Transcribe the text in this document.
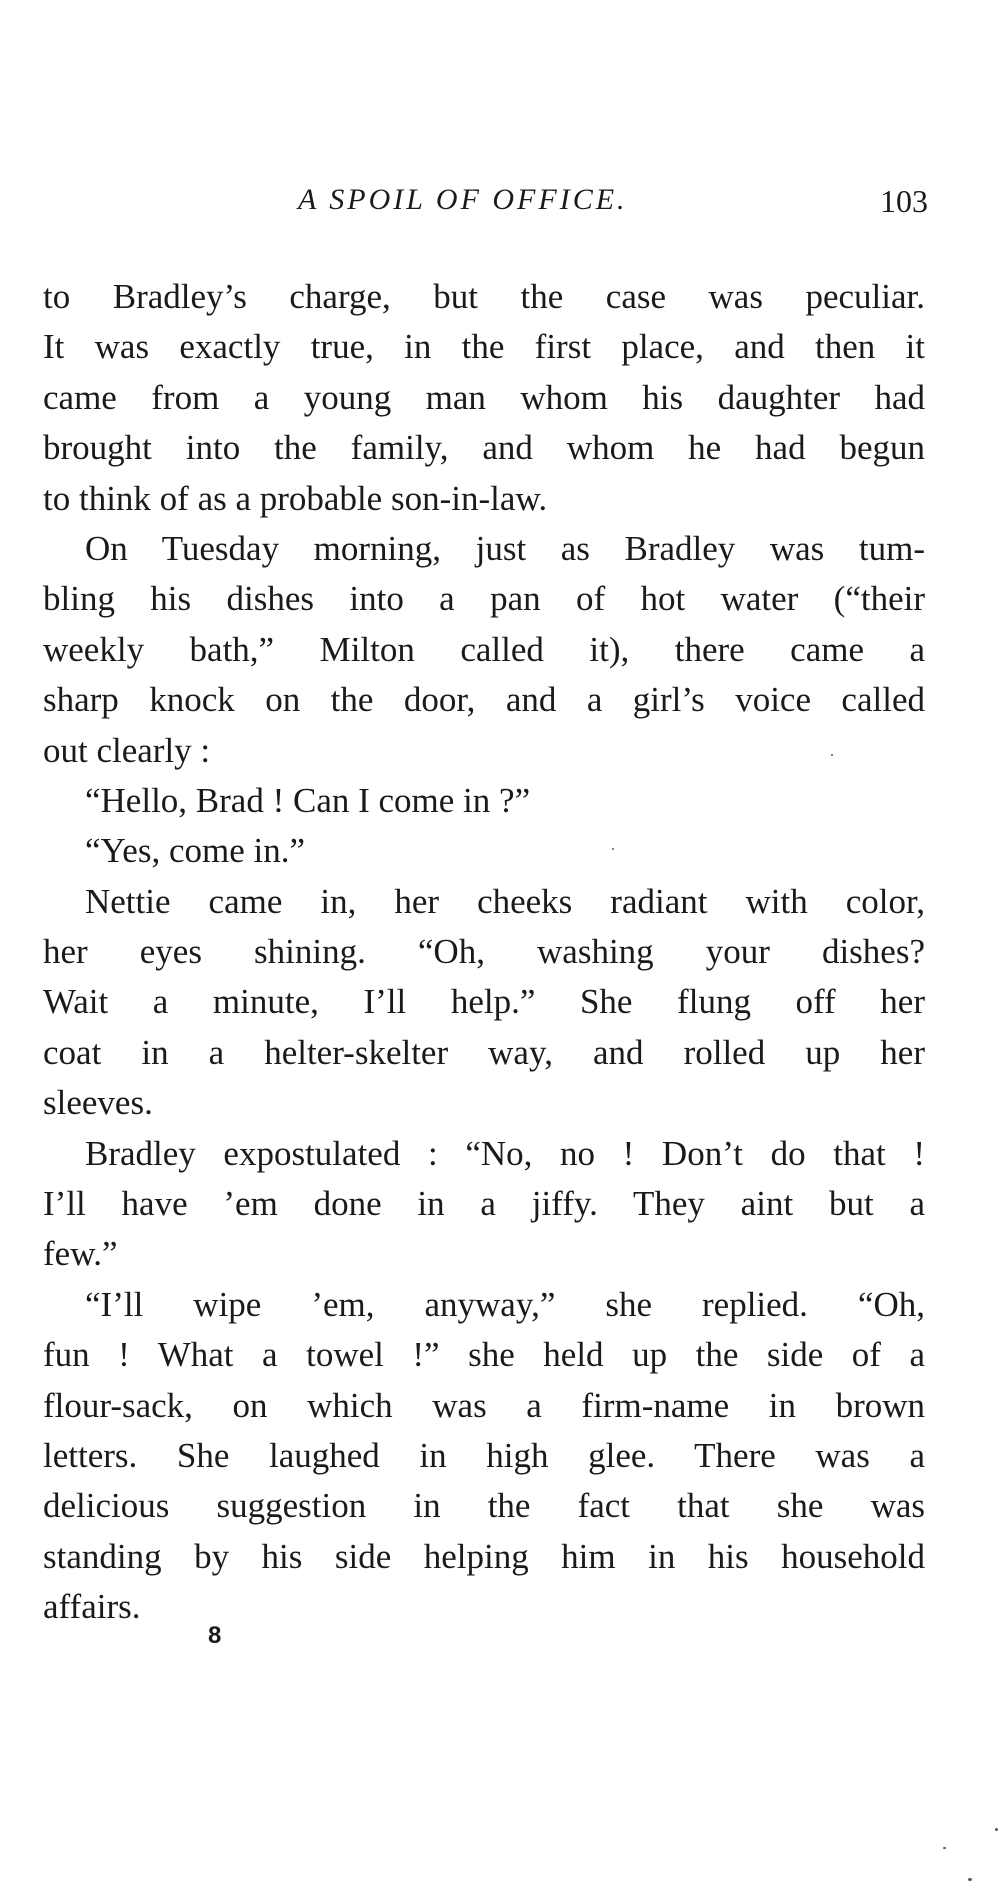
A SPOIL OF OFFICE.	103
to Bradley’s charge, but the case was peculiar.
It was exactly true, in the first place, and then it
came from a young man whom his daughter had
brought into the family, and whom he had begun
to think of as a probable son-in-law.
On Tuesday morning, just as Bradley was tum-
bling his dishes into a pan of hot water (“their
weekly bath,” Milton called it), there came a
sharp knock on the door, and a girl’s voice called
out clearly :
“Hello, Brad ! Can I come in ?”
“Yes, come in.”
Nettie came in, her cheeks radiant with color,
her eyes shining. “Oh, washing your dishes?
Wait a minute, I’ll help.” She flung off her
coat in a helter-skelter way, and rolled up her
sleeves.
Bradley expostulated : “No, no ! Don’t do that !
I’ll have ’em done in a jiffy. They aint but a
few.”
“I’ll wipe ’em, anyway,” she replied. “Oh,
fun ! What a towel !” she held up the side of a
flour-sack, on which was a firm-name in brown
letters. She laughed in high glee. There was a
delicious suggestion in the fact that she was
standing by his side helping him in his household
affairs.
8
